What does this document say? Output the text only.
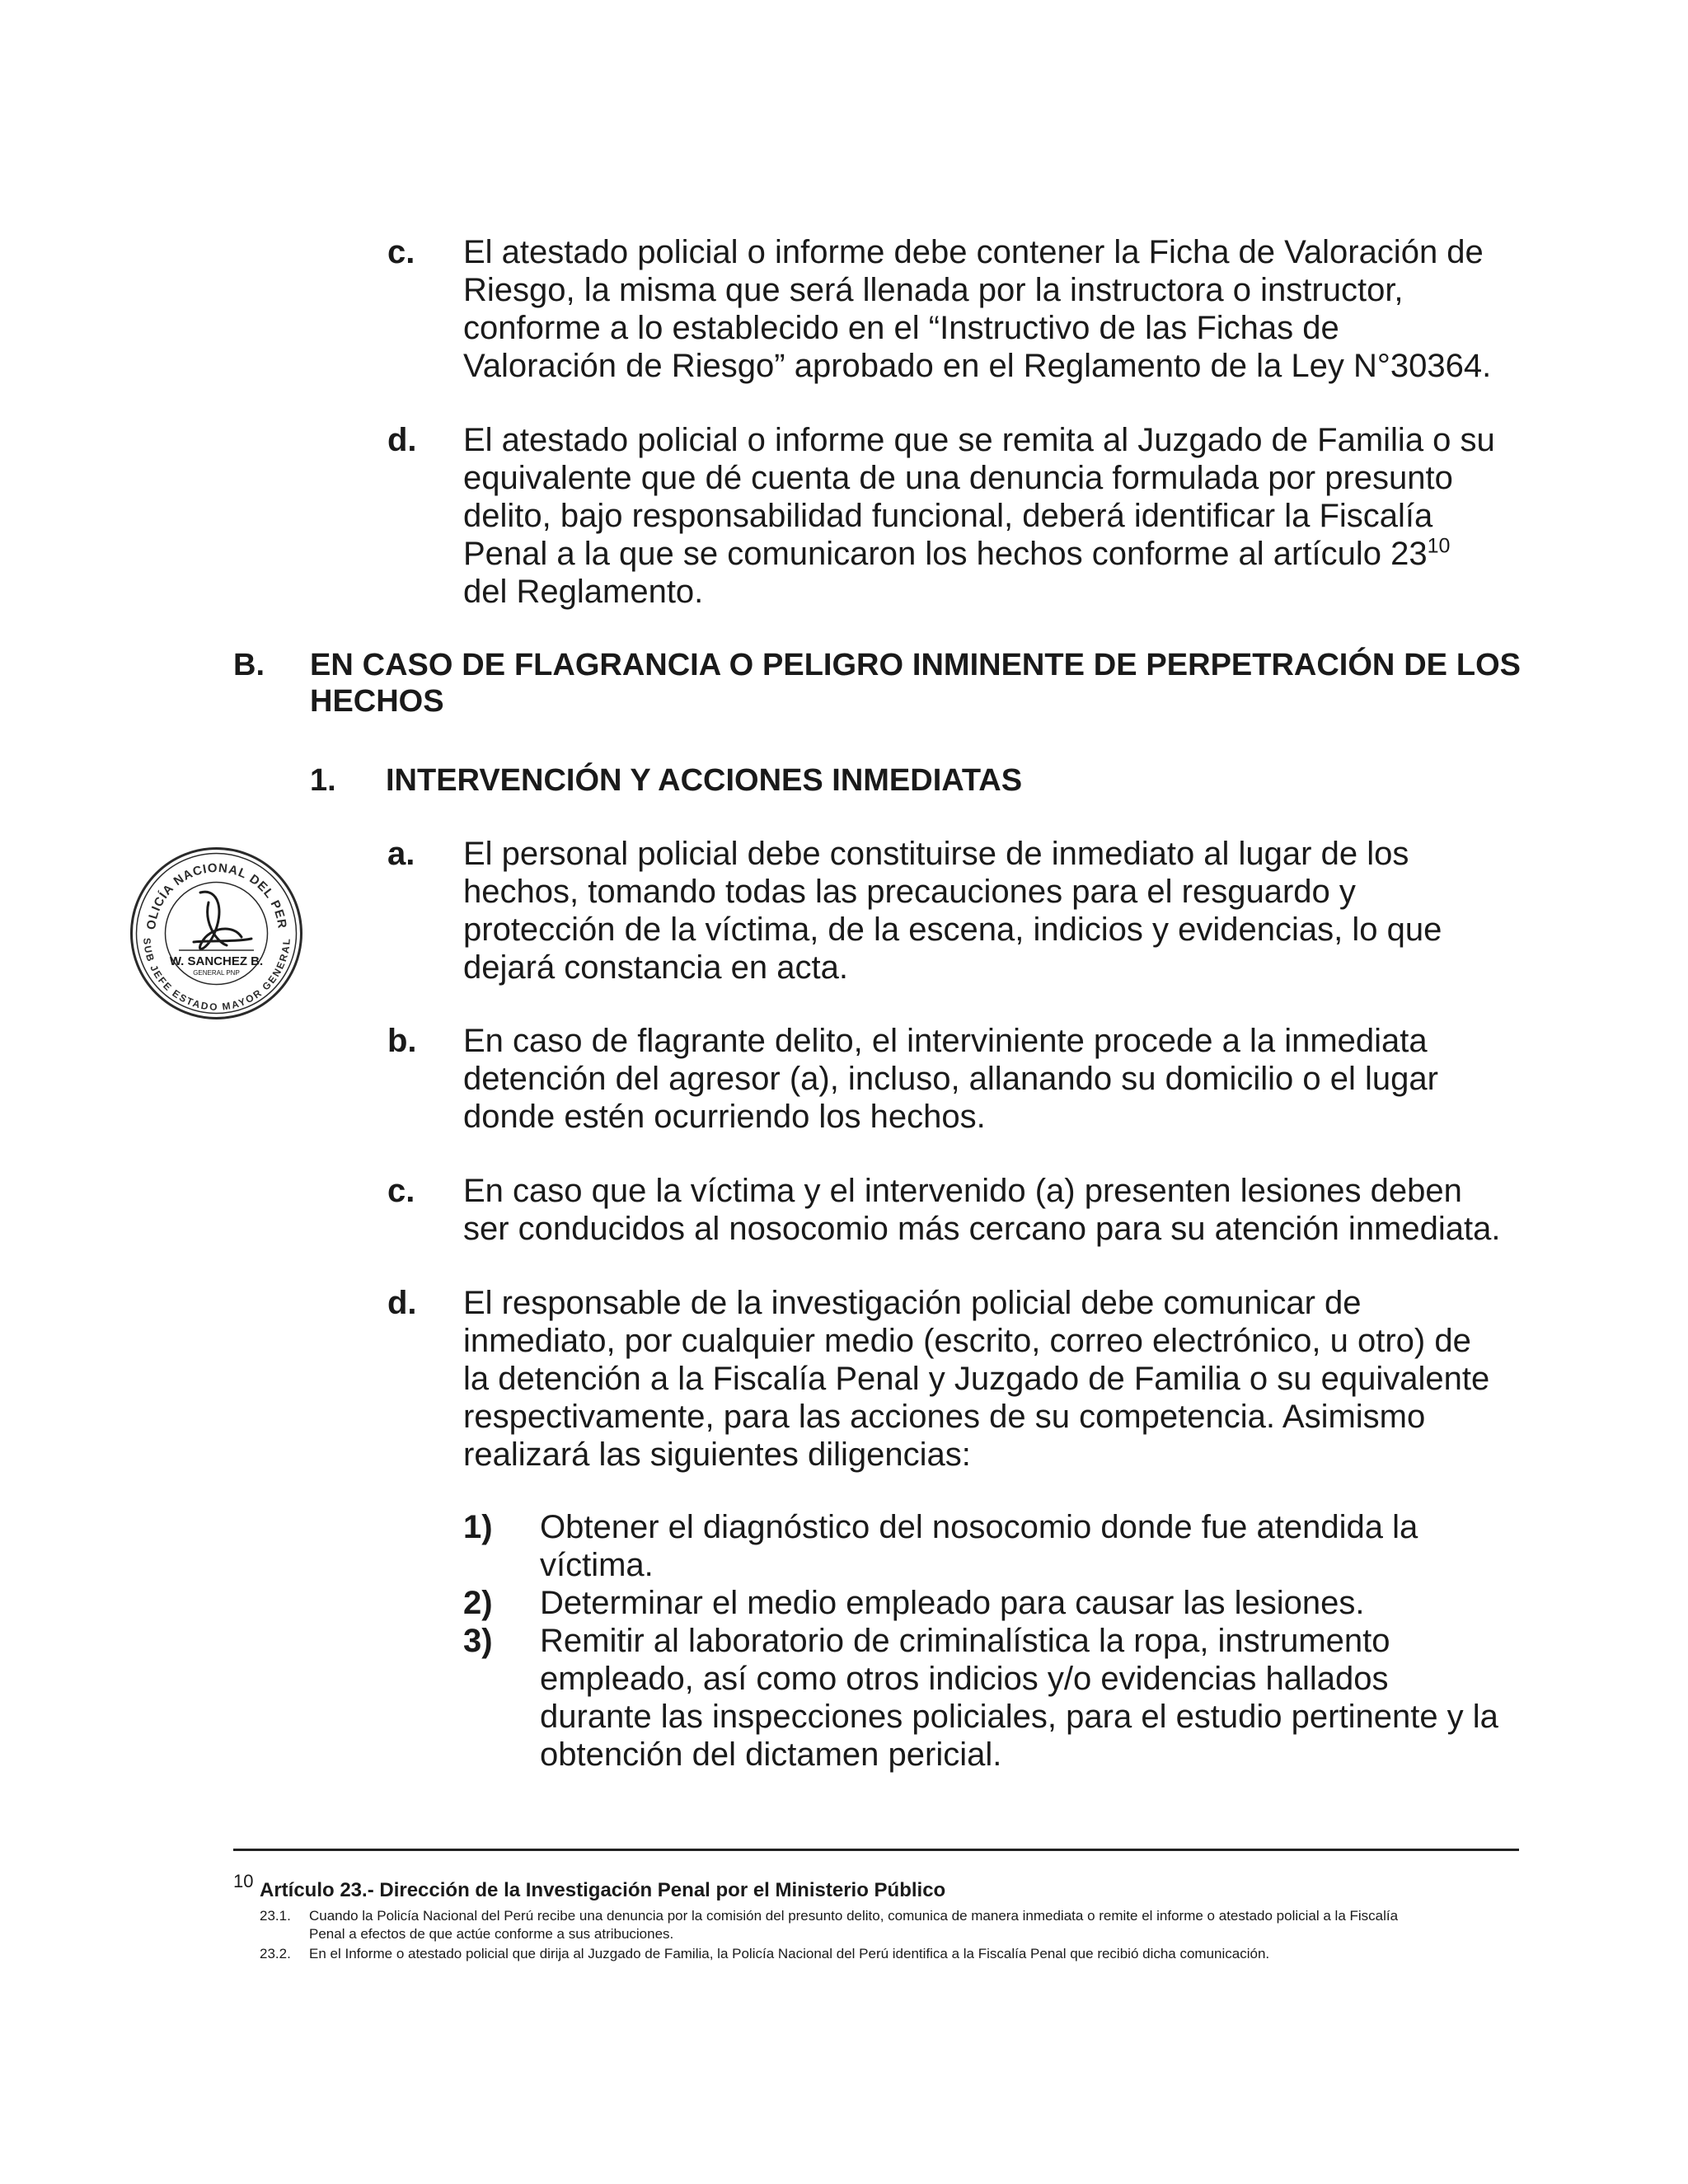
c. El atestado policial o informe debe contener la Ficha de Valoración de

Riesgo, la misma que será llenada por la instructora o instructor,

conforme a lo establecido en el “Instructivo de las Fichas de

Valoración de Riesgo” aprobado en el Reglamento de la Ley N°30364.

d. El atestado policial o informe que se remita al Juzgado de Familia o su

equivalente que dé cuenta de una denuncia formulada por presunto

delito, bajo responsabilidad funcional, deberá identificar la Fiscalía

Penal a la que se comunicaron los hechos conforme al artículo $23^{10}$

del Reglamento.

B. EN CASO DE FLAGRANCIA O PELIGRO INMINENTE DE PERPETRACIÓN DE LOS HECHOS
1. INTERVENCIÓN Y ACCIONES INMEDIATAS
a. El personal policial debe constituirse de inmediato al lugar de los

hechos, tomando todas las precauciones para el resguardo y

protección de la víctima, de la escena, indicios y evidencias, lo que

dejará constancia en acta.

b. En caso de flagrante delito, el interviniente procede a la inmediata

detención del agresor (a), incluso, allanando su domicilio o el lugar

donde estén ocurriendo los hechos.

c. En caso que la víctima y el intervenido (a) presenten lesiones deben

ser conducidos al nosocomio más cercano para su atención inmediata.

d. El responsable de la investigación policial debe comunicar de

inmediato, por cualquier medio (escrito, correo electrónico, u otro) de

la detención a la Fiscalía Penal y Juzgado de Familia o su equivalente

respectivamente, para las acciones de su competencia. Asimismo

realizará las siguientes diligencias:

1) Obtener el diagnóstico del nosocomio donde fue atendida la

víctima.

2) Determinar el medio empleado para causar las lesiones.

3) Remitir al laboratorio de criminalística la ropa, instrumento

empleado, así como otros indicios y/o evidencias hallados

durante las inspecciones policiales, para el estudio pertinente y la

obtención del dictamen pericial.

OLICÍA NACIONAL DEL PER
SUB JEFE ESTADO MAYOR GENERAL
W. SANCHEZ B.
GENERAL PNP
10 Artículo 23.- Dirección de la Investigación Penal por el Ministerio Público
23.1. Cuando la Policía Nacional del Perú recibe una denuncia por la comisión del presunto delito, comunica de manera inmediata o remite el informe o atestado policial a la Fiscalía
Penal a efectos de que actúe conforme a sus atribuciones.
23.2. En el Informe o atestado policial que dirija al Juzgado de Familia, la Policía Nacional del Perú identifica a la Fiscalía Penal que recibió dicha comunicación.
